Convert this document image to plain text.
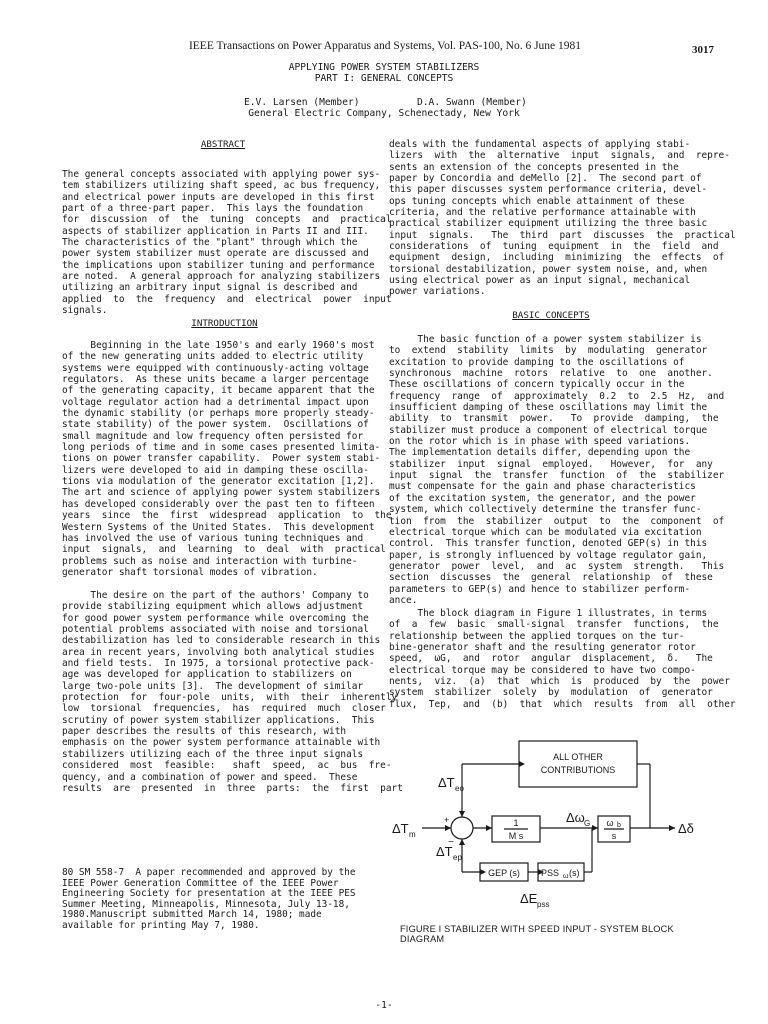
IEEE Transactions on Power Apparatus and Systems, Vol. PAS-100, No. 6 June 1981	3017
APPLYING POWER SYSTEM STABILIZERS
PART I: GENERAL CONCEPTS
E.V. Larsen (Member)	D.A. Swann (Member)
General Electric Company, Schenectady, New York
ABSTRACT
The general concepts associated with applying power sys-
tem stabilizers utilizing shaft speed, ac bus frequency,
and electrical power inputs are developed in this first
part of a three-part paper.  This lays the foundation
for  discussion  of  the  tuning  concepts  and  practical
aspects of stabilizer application in Parts II and III.
The characteristics of the "plant" through which the
power system stabilizer must operate are discussed and
the implications upon stabilizer tuning and performance
are noted.  A general approach for analyzing stabilizers
utilizing an arbitrary input signal is described and
applied  to  the  frequency  and  electrical  power  input
signals.
INTRODUCTION
Beginning in the late 1950's and early 1960's most
of the new generating units added to electric utility
systems were equipped with continuously-acting voltage
regulators.  As these units became a larger percentage
of the generating capacity, it became apparent that the
voltage regulator action had a detrimental impact upon
the dynamic stability (or perhaps more properly steady-
state stability) of the power system.  Oscillations of
small magnitude and low frequency often persisted for
long periods of time and in some cases presented limita-
tions on power transfer capability.  Power system stabi-
lizers were developed to aid in damping these oscilla-
tions via modulation of the generator excitation [1,2].
The art and science of applying power system stabilizers
has developed considerably over the past ten to fifteen
years  since  the  first  widespread  application  to  the
Western Systems of the United States.  This development
has involved the use of various tuning techniques and
input  signals,  and  learning  to  deal  with  practical
problems such as noise and interaction with turbine-
generator shaft torsional modes of vibration.
The desire on the part of the authors' Company to
provide stabilizing equipment which allows adjustment
for good power system performance while overcoming the
potential problems associated with noise and torsional
destabilization has led to considerable research in this
area in recent years, involving both analytical studies
and field tests.  In 1975, a torsional protective pack-
age was developed for application to stabilizers on
large two-pole units [3].  The development of similar
protection  for  four-pole  units,  with  their  inherently
low  torsional  frequencies,  has  required  much  closer
scrutiny of power system stabilizer applications.  This
paper describes the results of this research, with
emphasis on the power system performance attainable with
stabilizers utilizing each of the three input signals
considered  most  feasible:   shaft  speed,  ac  bus  fre-
quency, and a combination of power and speed.  These
results  are  presented  in  three  parts:  the  first  part
80 SM 558-7  A paper recommended and approved by the
IEEE Power Generation Committee of the IEEE Power
Engineering Society for presentation at the IEEE PES
Summer Meeting, Minneapolis, Minnesota, July 13-18,
1980.Manuscript submitted March 14, 1980; made
available for printing May 7, 1980.
deals with the fundamental aspects of applying stabi-
lizers  with  the  alternative  input  signals,  and  repre-
sents an extension of the concepts presented in the
paper by Concordia and deMello [2].  The second part of
this paper discusses system performance criteria, devel-
ops tuning concepts which enable attainment of these
criteria, and the relative performance attainable with
practical stabilizer equipment utilizing the three basic
input  signals.   The  third  part  discusses  the  practical
considerations  of  tuning  equipment  in  the  field  and
equipment  design,  including  minimizing  the  effects  of
torsional destabilization, power system noise, and, when
using electrical power as an input signal, mechanical
power variations.
BASIC CONCEPTS
The basic function of a power system stabilizer is
to  extend  stability  limits  by  modulating  generator
excitation to provide damping to the oscillations of
synchronous  machine  rotors  relative  to  one  another.
These oscillations of concern typically occur in the
frequency  range  of  approximately  0.2  to  2.5  Hz,  and
insufficient damping of these oscillations may limit the
ability  to  transmit  power.   To  provide  damping,  the
stabilizer must produce a component of electrical torque
on the rotor which is in phase with speed variations.
The implementation details differ, depending upon the
stabilizer  input  signal  employed.   However,  for  any
input  signal  the  transfer  function  of  the  stabilizer
must compensate for the gain and phase characteristics
of the excitation system, the generator, and the power
system, which collectively determine the transfer func-
tion  from  the  stabilizer  output  to  the  component  of
electrical torque which can be modulated via excitation
control.  This transfer function, denoted GEP(s) in this
paper, is strongly influenced by voltage regulator gain,
generator  power  level,  and  ac  system  strength.   This
section  discusses  the  general  relationship  of  these
parameters to GEP(s) and hence to stabilizer perform-
ance.
The block diagram in Figure 1 illustrates, in terms
of  a  few  basic  small-signal  transfer  functions,  the
relationship between the applied torques on the tur-
bine-generator shaft and the resulting generator rotor
speed,  ωG,  and  rotor  angular  displacement,  δ.   The
electrical torque may be considered to have two compo-
nents,  viz.  (a)  that  which  is  produced  by  the  power
system  stabilizer  solely  by  modulation  of  generator
flux,  Tep,  and  (b)  that  which  results  from  all  other
ALL OTHER
CONTRIBUTIONS
ΔT eo
ΔT m
ΔT ep
+
−
Δω G	Δδ
1
M s
ω b
s
GEP (s) PSS ω (s)
ΔE pss
FIGURE I STABILIZER WITH SPEED INPUT - SYSTEM BLOCK DIAGRAM
-1-
